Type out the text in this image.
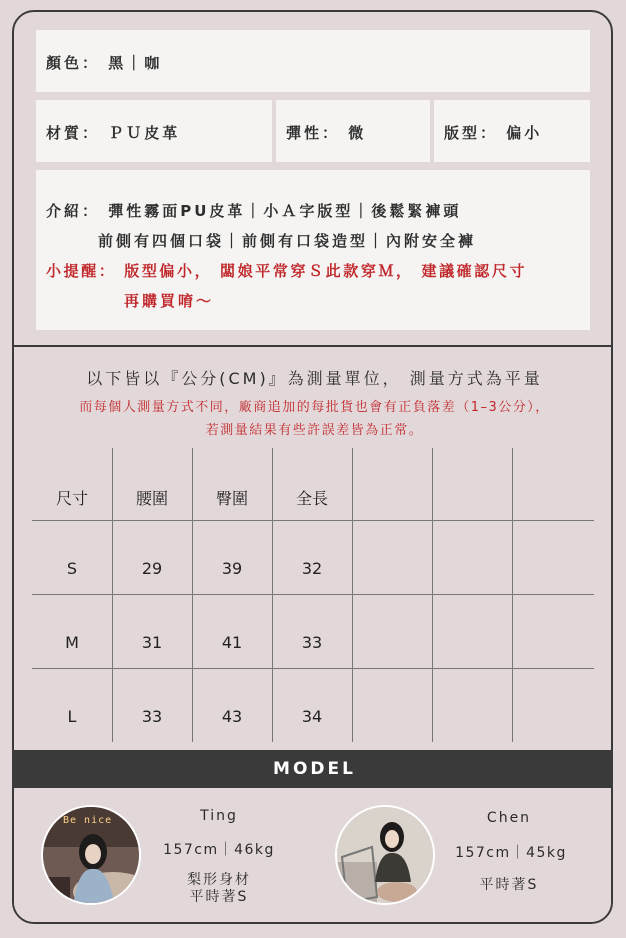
顏色： 黑｜咖
材質： ＰＵ皮革	彈性： 微	版型： 偏小
介紹： 彈性霧面PU皮革｜小Ａ字版型｜後鬆緊褲頭
前側有四個口袋｜前側有口袋造型｜內附安全褲
小提醒： 版型偏小， 闆娘平常穿Ｓ此款穿Ｍ， 建議確認尺寸
再購買唷～
以下皆以『公分(CM)』為測量單位， 測量方式為平量
而每個人測量方式不同，廠商追加的每批貨也會有正負落差（1–3公分），
若測量結果有些許誤差皆為正常。
尺寸	腰圍	臀圍	全長
S	29	39	32
M	31	41	33
L	33	43	34
MODEL
Be nice	Ting
157cm｜46kg
梨形身材
平時著S
Chen
157cm｜45kg
平時著S
